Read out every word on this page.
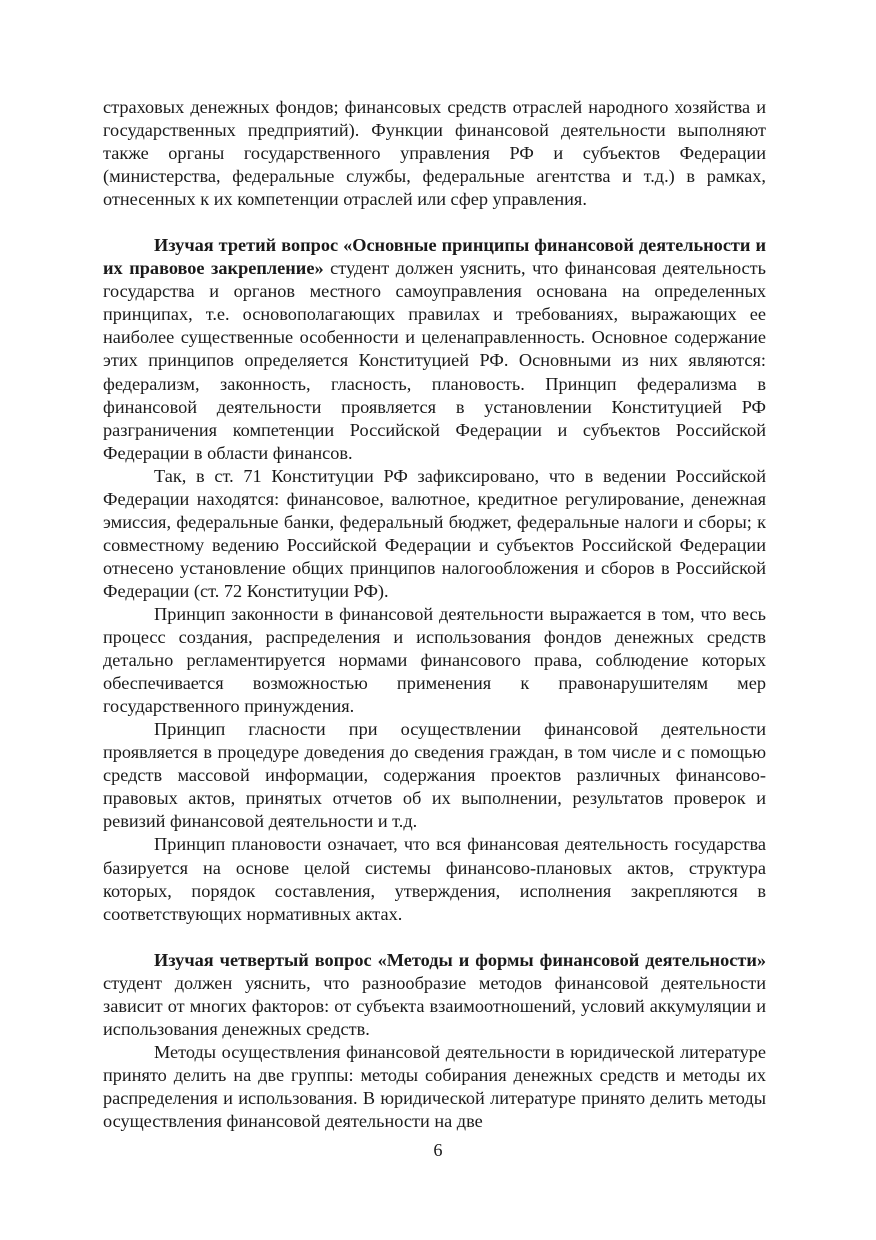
страховых денежных фондов; финансовых средств отраслей народного хозяйства и государственных предприятий). Функции финансовой деятельности выполняют также органы государственного управления РФ и субъектов Федерации (министерства, федеральные службы, федеральные агентства и т.д.) в рамках, отнесенных к их компетенции отраслей или сфер управления.

Изучая третий вопрос «Основные принципы финансовой деятельности и их правовое закрепление» студент должен уяснить, что финансовая деятельность государства и органов местного самоуправления основана на определенных принципах, т.е. основополагающих правилах и требованиях, выражающих ее наиболее существенные особенности и целенаправленность. Основное содержание этих принципов определяется Конституцией РФ. Основными из них являются: федерализм, законность, гласность, плановость. Принцип федерализма в финансовой деятельности проявляется в установлении Конституцией РФ разграничения компетенции Российской Федерации и субъектов Российской Федерации в области финансов.

Так, в ст. 71 Конституции РФ зафиксировано, что в ведении Российской Федерации находятся: финансовое, валютное, кредитное регулирование, денежная эмиссия, федеральные банки, федеральный бюджет, федеральные налоги и сборы; к совместному ведению Российской Федерации и субъектов Российской Федерации отнесено установление общих принципов налогообложения и сборов в Российской Федерации (ст. 72 Конституции РФ).

Принцип законности в финансовой деятельности выражается в том, что весь процесс создания, распределения и использования фондов денежных средств детально регламентируется нормами финансового права, соблюдение которых обеспечивается возможностью применения к правонарушителям мер государственного принуждения.

Принцип гласности при осуществлении финансовой деятельности проявляется в процедуре доведения до сведения граждан, в том числе и с помощью средств массовой информации, содержания проектов различных финансово-правовых актов, принятых отчетов об их выполнении, результатов проверок и ревизий финансовой деятельности и т.д.

Принцип плановости означает, что вся финансовая деятельность государства базируется на основе целой системы финансово-плановых актов, структура которых, порядок составления, утверждения, исполнения закрепляются в соответствующих нормативных актах.

Изучая четвертый вопрос «Методы и формы финансовой деятельности» студент должен уяснить, что разнообразие методов финансовой деятельности зависит от многих факторов: от субъекта взаимоотношений, условий аккумуляции и использования денежных средств.

Методы осуществления финансовой деятельности в юридической литературе принято делить на две группы: методы собирания денежных средств и методы их распределения и использования. В юридической литературе принято делить методы осуществления финансовой деятельности на две

6
